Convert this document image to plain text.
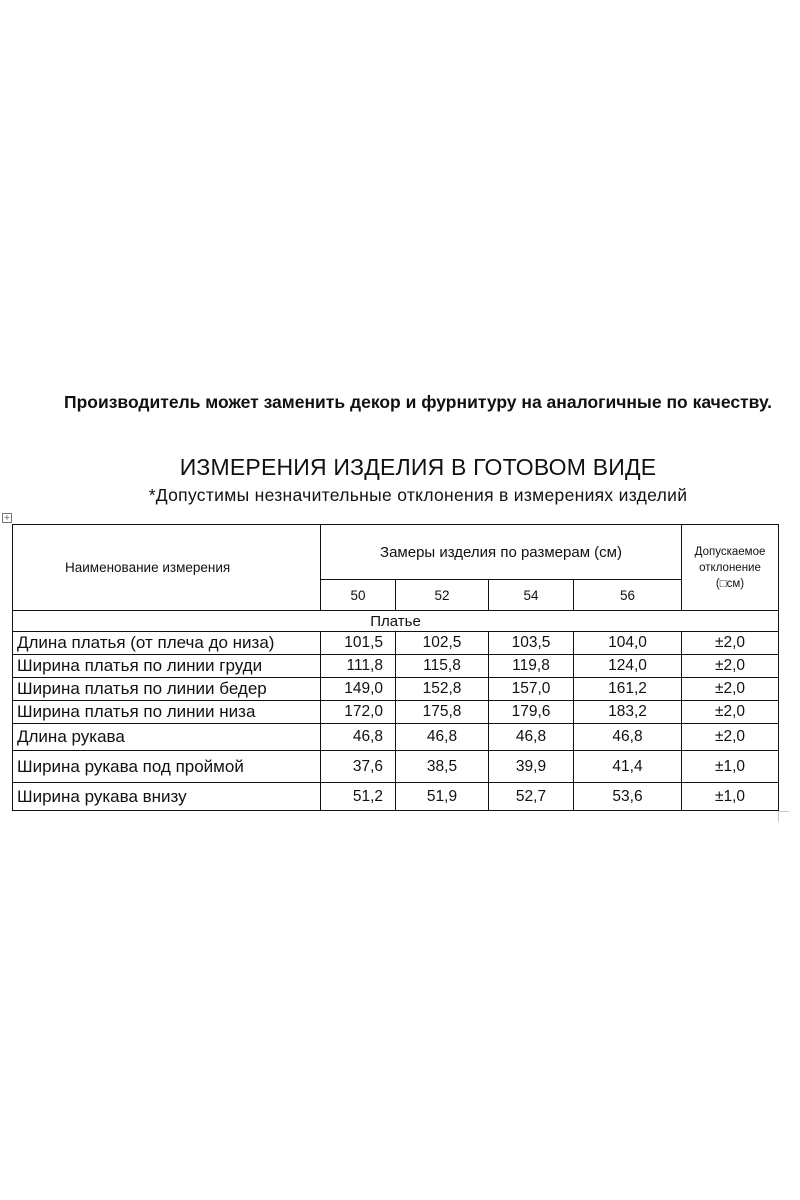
Производитель может заменить декор и фурнитуру на аналогичные по качеству.
ИЗМЕРЕНИЯ ИЗДЕЛИЯ В ГОТОВОМ ВИДЕ
*Допустимы незначительные отклонения в измерениях изделий
+
Наименование измерения	Замеры изделия по размерам (см)				Допускаемое
отклонение
(□см)

	50	52	54	56	
Платье					
Длина платья (от плеча до низа)	101,5	102,5	103,5	104,0	±2,0
Ширина платья по линии груди	111,8	115,8	119,8	124,0	±2,0
Ширина платья по линии бедер	149,0	152,8	157,0	161,2	±2,0
Ширина платья по линии низа	172,0	175,8	179,6	183,2	±2,0
Длина рукава	46,8	46,8	46,8	46,8	±2,0
Ширина рукава под проймой	37,6	38,5	39,9	41,4	±1,0
Ширина рукава внизу	51,2	51,9	52,7	53,6	±1,0
